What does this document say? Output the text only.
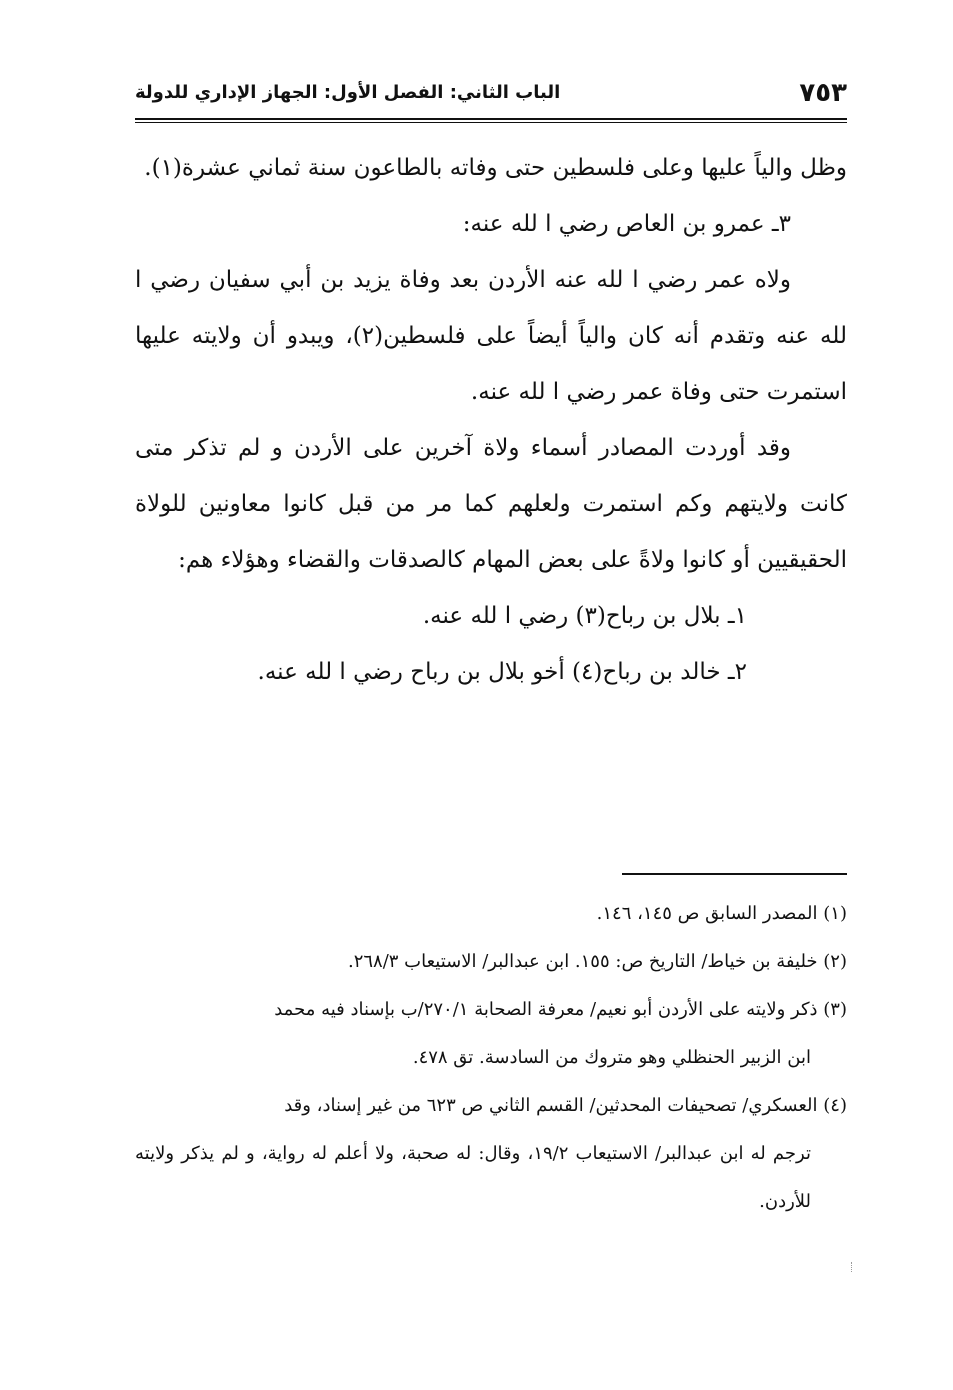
الباب الثاني: الفصل الأول: الجهاز الإداري للدولة	٧٥٣

وظل والياً عليها وعلى فلسطين حتى وفاته بالطاعون سنة ثماني عشرة(١).

٣ـ عمرو بن العاص رضي ا لله عنه:

ولاه عمر رضي ا لله عنه الأردن بعد وفاة يزيد بن أبي سفيان رضي ا لله عنه وتقدم أنه كان والياً أيضاً على فلسطين(٢)، ويبدو أن ولايته عليها استمرت حتى وفاة عمر رضي ا لله عنه.

وقد أوردت المصادر أسماء ولاة آخرين على الأردن و لم تذكر متى كانت ولايتهم وكم استمرت ولعلهم كما مر من قبل كانوا معاونين للولاة الحقيقيين أو كانوا ولاةً على بعض المهام كالصدقات والقضاء وهؤلاء هم:

١ـ بلال بن رباح(٣) رضي ا لله عنه.

٢ـ خالد بن رباح(٤) أخو بلال بن رباح رضي ا لله عنه.

(١) المصدر السابق ص ١٤٥، ١٤٦.

(٢) خليفة بن خياط/ التاريخ ص: ١٥٥. ابن عبدالبر/ الاستيعاب ٢٦٨/٣.

(٣) ذكر ولايته على الأردن أبو نعيم/ معرفة الصحابة ٢٧٠/١/ب بإسناد فيه محمد

ابن الزبير الحنظلي وهو متروك من السادسة. تق ٤٧٨.

(٤) العسكري/ تصحيفات المحدثين/ القسم الثاني ص ٦٢٣ من غير إسناد، وقد

ترجم له ابن عبدالبر/ الاستيعاب ١٩/٢، وقال: له صحبة، ولا أعلم له رواية، و لم يذكر ولايته للأردن.
